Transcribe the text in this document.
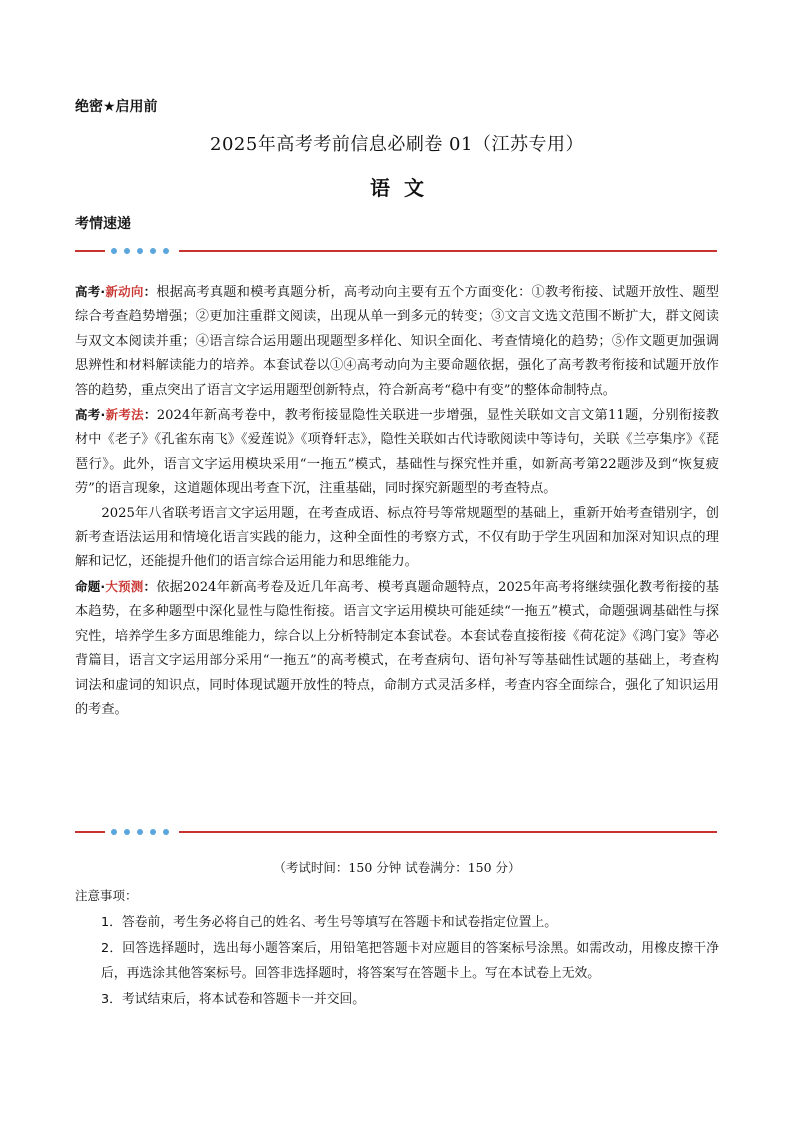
绝密★启用前
2025年高考考前信息必刷卷 01（江苏专用）
语文
考情速递

高考·新动向：根据高考真题和模考真题分析，高考动向主要有五个方面变化：①教考衔接、试题开放性、题型综合考查趋势增强；②更加注重群文阅读，出现从单一到多元的转变；③文言文选文范围不断扩大，群文阅读与双文本阅读并重；④语言综合运用题出现题型多样化、知识全面化、考查情境化的趋势；⑤作文题更加强调思辨性和材料解读能力的培养。本套试卷以①④高考动向为主要命题依据，强化了高考教考衔接和试题开放作答的趋势，重点突出了语言文字运用题型创新特点，符合新高考“稳中有变”的整体命制特点。

高考·新考法：2024年新高考卷中，教考衔接显隐性关联进一步增强，显性关联如文言文第11题，分别衔接教材中《老子》《孔雀东南飞》《爱莲说》《项脊轩志》，隐性关联如古代诗歌阅读中等诗句，关联《兰亭集序》《琵琶行》。此外，语言文字运用模块采用“一拖五”模式，基础性与探究性并重，如新高考第22题涉及到“恢复疲劳”的语言现象，这道题体现出考查下沉，注重基础，同时探究新题型的考查特点。

2025年八省联考语言文字运用题，在考查成语、标点符号等常规题型的基础上，重新开始考查错别字，创新考查语法运用和情境化语言实践的能力，这种全面性的考察方式，不仅有助于学生巩固和加深对知识点的理解和记忆，还能提升他们的语言综合运用能力和思维能力。

命题·大预测：依据2024年新高考卷及近几年高考、模考真题命题特点，2025年高考将继续强化教考衔接的基本趋势，在多种题型中深化显性与隐性衔接。语言文字运用模块可能延续“一拖五”模式，命题强调基础性与探究性，培养学生多方面思维能力，综合以上分析特制定本套试卷。本套试卷直接衔接《荷花淀》《鸿门宴》等必背篇目，语言文字运用部分采用“一拖五”的高考模式，在考查病句、语句补写等基础性试题的基础上，考查构词法和虚词的知识点，同时体现试题开放性的特点，命制方式灵活多样，考查内容全面综合，强化了知识运用的考查。

（考试时间：150 分钟 试卷满分：150 分）
注意事项：

1．答卷前，考生务必将自己的姓名、考生号等填写在答题卡和试卷指定位置上。

2．回答选择题时，选出每小题答案后，用铅笔把答题卡对应题目的答案标号涂黑。如需改动，用橡皮擦干净后，再选涂其他答案标号。回答非选择题时，将答案写在答题卡上。写在本试卷上无效。

3．考试结束后，将本试卷和答题卡一并交回。
